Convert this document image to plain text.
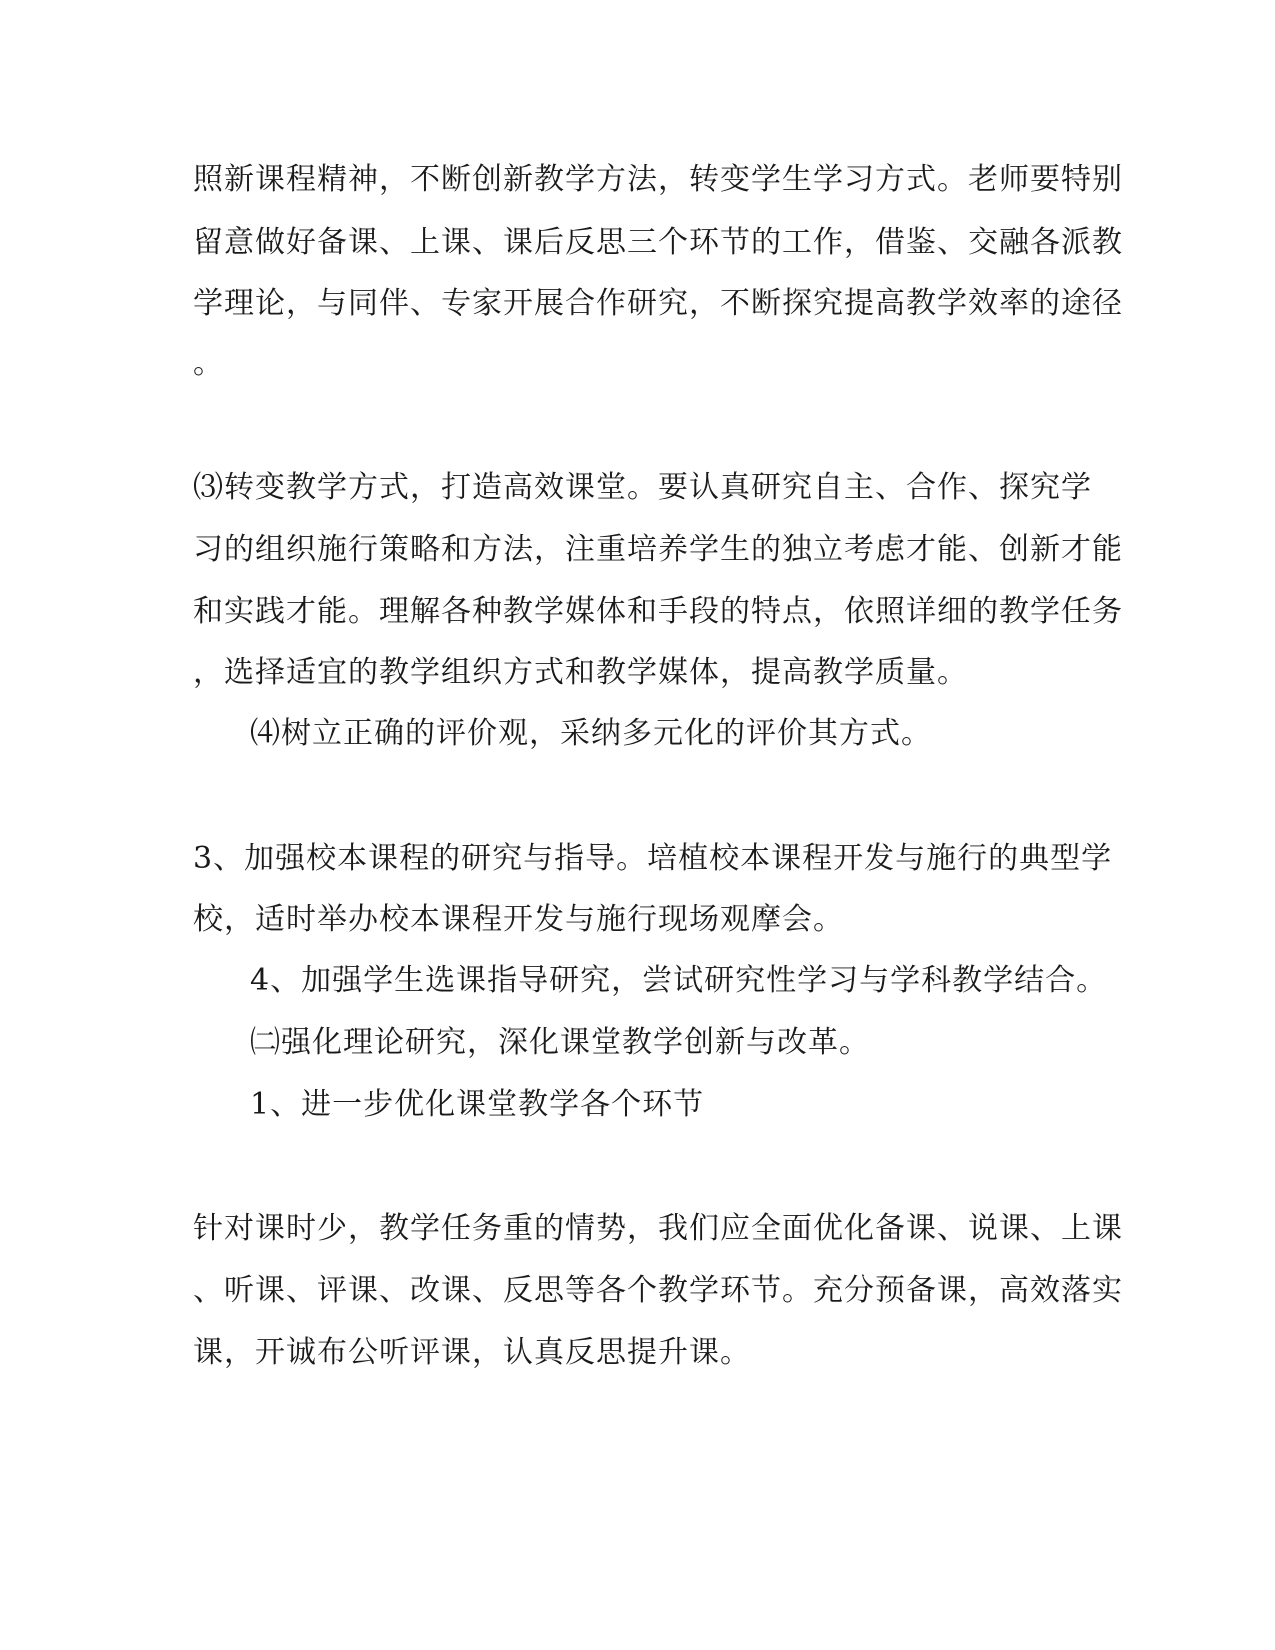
照新课程精神，不断创新教学方法，转变学生学习方式。老师要特别
留意做好备课、上课、课后反思三个环节的工作，借鉴、交融各派教
学理论，与同伴、专家开展合作研究，不断探究提高教学效率的途径
。
⑶转变教学方式，打造高效课堂。要认真研究自主、合作、探究学
习的组织施行策略和方法，注重培养学生的独立考虑才能、创新才能
和实践才能。理解各种教学媒体和手段的特点，依照详细的教学任务
，选择适宜的教学组织方式和教学媒体，提高教学质量。
⑷树立正确的评价观，采纳多元化的评价其方式。
3、加强校本课程的研究与指导。培植校本课程开发与施行的典型学
校，适时举办校本课程开发与施行现场观摩会。
4、加强学生选课指导研究，尝试研究性学习与学科教学结合。
㈡强化理论研究，深化课堂教学创新与改革。
1、进一步优化课堂教学各个环节
针对课时少，教学任务重的情势，我们应全面优化备课、说课、上课
、听课、评课、改课、反思等各个教学环节。充分预备课，高效落实
课，开诚布公听评课，认真反思提升课。
